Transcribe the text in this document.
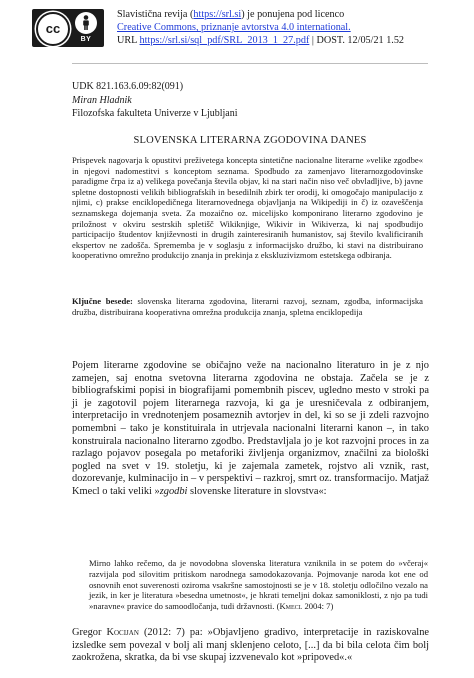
cc
BY
Slavistična revija (https://srl.si) je ponujena pod licenco
Creative Commons, priznanje avtorstva 4.0 international.
URL https://srl.si/sql_pdf/SRL_2013_1_27.pdf | DOST. 12/05/21 1.52
UDK 821.163.6.09:82(091)
Miran Hladnik
Filozofska fakulteta Univerze v Ljubljani
SLOVENSKA LITERARNA ZGODOVINA DANES

Prispevek nagovarja k opustitvi preživetega koncepta sintetične nacionalne literarne »velike zgodbe« in njegovi nadomestitvi s konceptom seznama. Spodbudo za zamenjavo literarnozgodovinske paradigme črpa iz a) velikega povečanja števila objav, ki na stari način niso več obvladljive, b) javne spletne dostopnosti velikih bibliografskih in besedilnih zbirk ter orodij, ki omogočajo manipulacijo z njimi, c) prakse enciklopedičnega literarnovednega objavljanja na Wikipediji in č) iz ozaveščenja seznamskega dojemanja sveta. Za mozaično oz. micelijsko komponirano literarno zgodovino je priložnost v okviru sestrskih spletišč Wikiknjige, Wikivir in Wikiverza, ki naj spodbudijo participacijo študentov književnosti in drugih zainteresiranih humanistov, saj število kvalificiranih ekspertov ne zadošča. Sprememba je v soglasju z informacijsko družbo, ki stavi na distribuirano kooperativno omrežno produkcijo znanja in prekinja z ekskluzivizmom estetskega odbiranja.

Ključne besede: slovenska literarna zgodovina, literarni razvoj, seznam, zgodba, informacijska družba, distribuirana kooperativna omrežna produkcija znanja, spletna enciklopedija

Pojem literarne zgodovine se običajno veže na nacionalno literaturo in je z njo zamejen, saj enotna svetovna literarna zgodovina ne obstaja. Začela se je z bibliografskimi popisi in biografijami pomembnih piscev, ugledno mesto v stroki pa ji je zagotovil pojem literarnega razvoja, ki ga je uresničevala z odbiranjem, interpretacijo in vrednotenjem posameznih avtorjev in del, ki so se ji zdeli razvojno pomembni – tako je konstituirala in utrjevala nacionalni literarni kanon –, in tako konstruirala nacionalno literarno zgodbo. Predstavljala jo je kot razvojni proces in za razlago pojavov posegala po metaforiki življenja organizmov, značilni za biološki pogled na svet v 19. stoletju, ki je zajemala zametek, rojstvo ali vznik, rast, dozorevanje, kulminacijo in – v perspektivi – razkroj, smrt oz. transformacijo. Matjaž Kmecl o taki veliki »zgodbi slovenske literature in slovstva«:

Mirno lahko rečemo, da je novodobna slovenska literatura vzniknila in se potem do »včeraj« razvijala pod silovitim pritiskom narodnega samodokazovanja. Pojmovanje naroda kot ene od osnovnih enot suverenosti oziroma vsakršne samostojnosti se je v 18. stoletju odločilno vezalo na jezik, in ker je literatura »besedna umetnost«, je hkrati temeljni dokaz samoniklosti, z njo pa tudi »naravne« pravice do samoodločanja, tudi državnosti. (Kmecl 2004: 7)

Gregor Kocijan (2012: 7) pa: »Objavljeno gradivo, interpretacije in raziskovalne izsledke sem povezal v bolj ali manj sklenjeno celoto, [...] da bi bila celota čim bolj zaokrožena, skratka, da bi vse skupaj izzvenevalo kot »pripoved«.«
